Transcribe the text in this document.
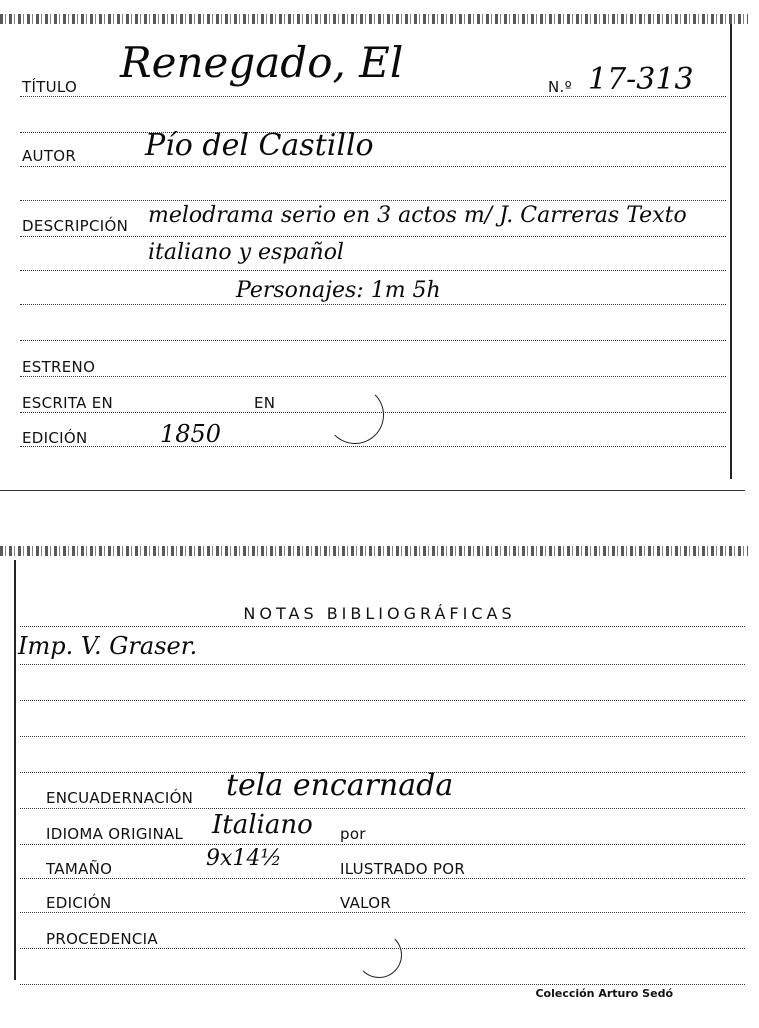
TÍTULO Renegado, El	N.º 17-313
AUTOR Pío del Castillo
DESCRIPCIÓN melodrama serio en 3 actos m/ J. Carreras Texto
italiano y español
Personajes: 1m 5h
ESTRENO
ESCRITA EN	EN
EDICIÓN	1850
NOTAS BIBLIOGRÁFICAS
Imp. V. Graser.
ENCUADERNACIÓN tela encarnada
IDIOMA ORIGINAL Italiano por
TAMAÑO	9x14½	ILUSTRADO POR
EDICIÓN	VALOR
PROCEDENCIA
Colección Arturo Sedó
